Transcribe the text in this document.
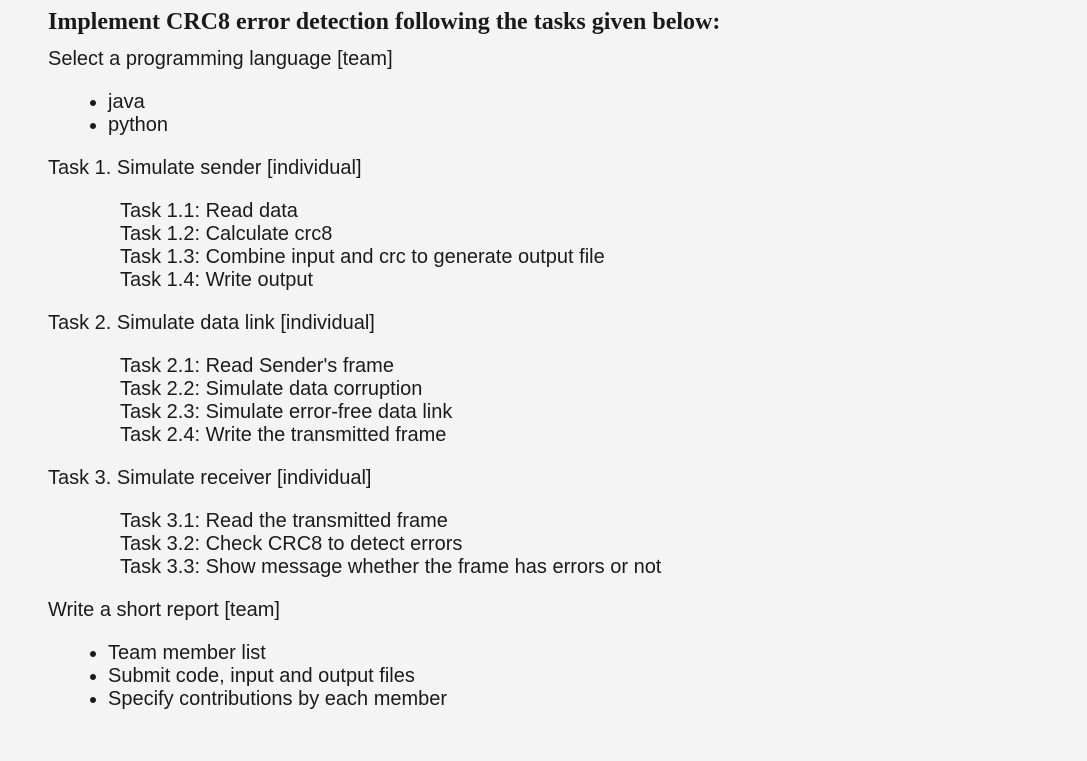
Implement CRC8 error detection following the tasks given below:
Select a programming language [team]
• java
• python
Task 1. Simulate sender [individual]
Task 1.1: Read data
Task 1.2: Calculate crc8
Task 1.3: Combine input and crc to generate output file
Task 1.4: Write output
Task 2. Simulate data link [individual]
Task 2.1: Read Sender's frame
Task 2.2: Simulate data corruption
Task 2.3: Simulate error-free data link
Task 2.4: Write the transmitted frame
Task 3. Simulate receiver [individual]
Task 3.1: Read the transmitted frame
Task 3.2: Check CRC8 to detect errors
Task 3.3: Show message whether the frame has errors or not
Write a short report [team]
• Team member list
• Submit code, input and output files
• Specify contributions by each member
